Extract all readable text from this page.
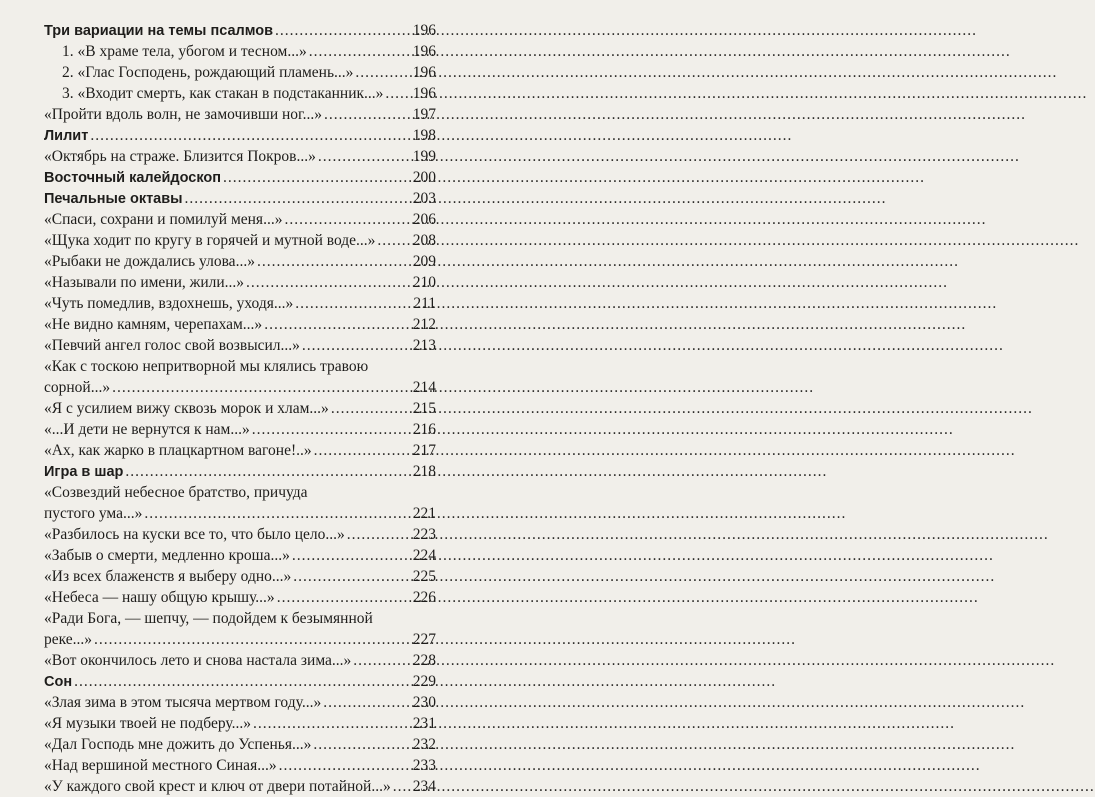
Три вариации на темы псалмов .....	196
1. «В храме тела, убогом и тесном...» .....	196
2. «Глас Господень, рождающий пламень...» .....	196
3. «Входит смерть, как стакан в подстаканник...» ..... 196
«Пройти вдоль волн, не замочивши ног...» .....	197
Лилит .....	198
«Октябрь на страже. Близится Покров...» .....	199
Восточный калейдоскоп .....	200
Печальные октавы .....	203
«Спаси, сохрани и помилуй меня...» .....	206
«Щука ходит по кругу в горячей и мутной воде...» ..... 208
«Рыбаки не дождались улова...» .....	209
«Называли по имени, жили...» .....	210
«Чуть помедлив, вздохнешь, уходя...» .....	211
«Не видно камням, черепахам...» .....	212
«Певчий ангел голос свой возвысил...» .....	213
«Как с тоскою непритворной мы клялись травою
сорной...» .....	214
«Я с усилием вижу сквозь морок и хлам...» .....	215
«...И дети не вернутся к нам...» .....	216
«Ах, как жарко в плацкартном вагоне!..» .....	217
Игра в шар .....	218
«Созвездий небесное братство, причуда
пустого ума...» .....	221
«Разбилось на куски все то, что было цело...» .....	223
«Забыв о смерти, медленно кроша...» .....	224
«Из всех блаженств я выберу одно...» .....	225
«Небеса — нашу общую крышу...» .....	226
«Ради Бога, — шепчу, — подойдем к безымянной
реке...» .....	227
«Вот окончилось лето и снова настала зима...» .....	228
Сон .....	229
«Злая зима в этом тысяча мертвом году...» .....	230
«Я музыки твоей не подберу...» .....	231
«Дал Господь мне дожить до Успенья...» .....	232
«Над вершиной местного Синая...» .....	233
«У каждого свой крест и ключ от двери потайной...» ..... 234
